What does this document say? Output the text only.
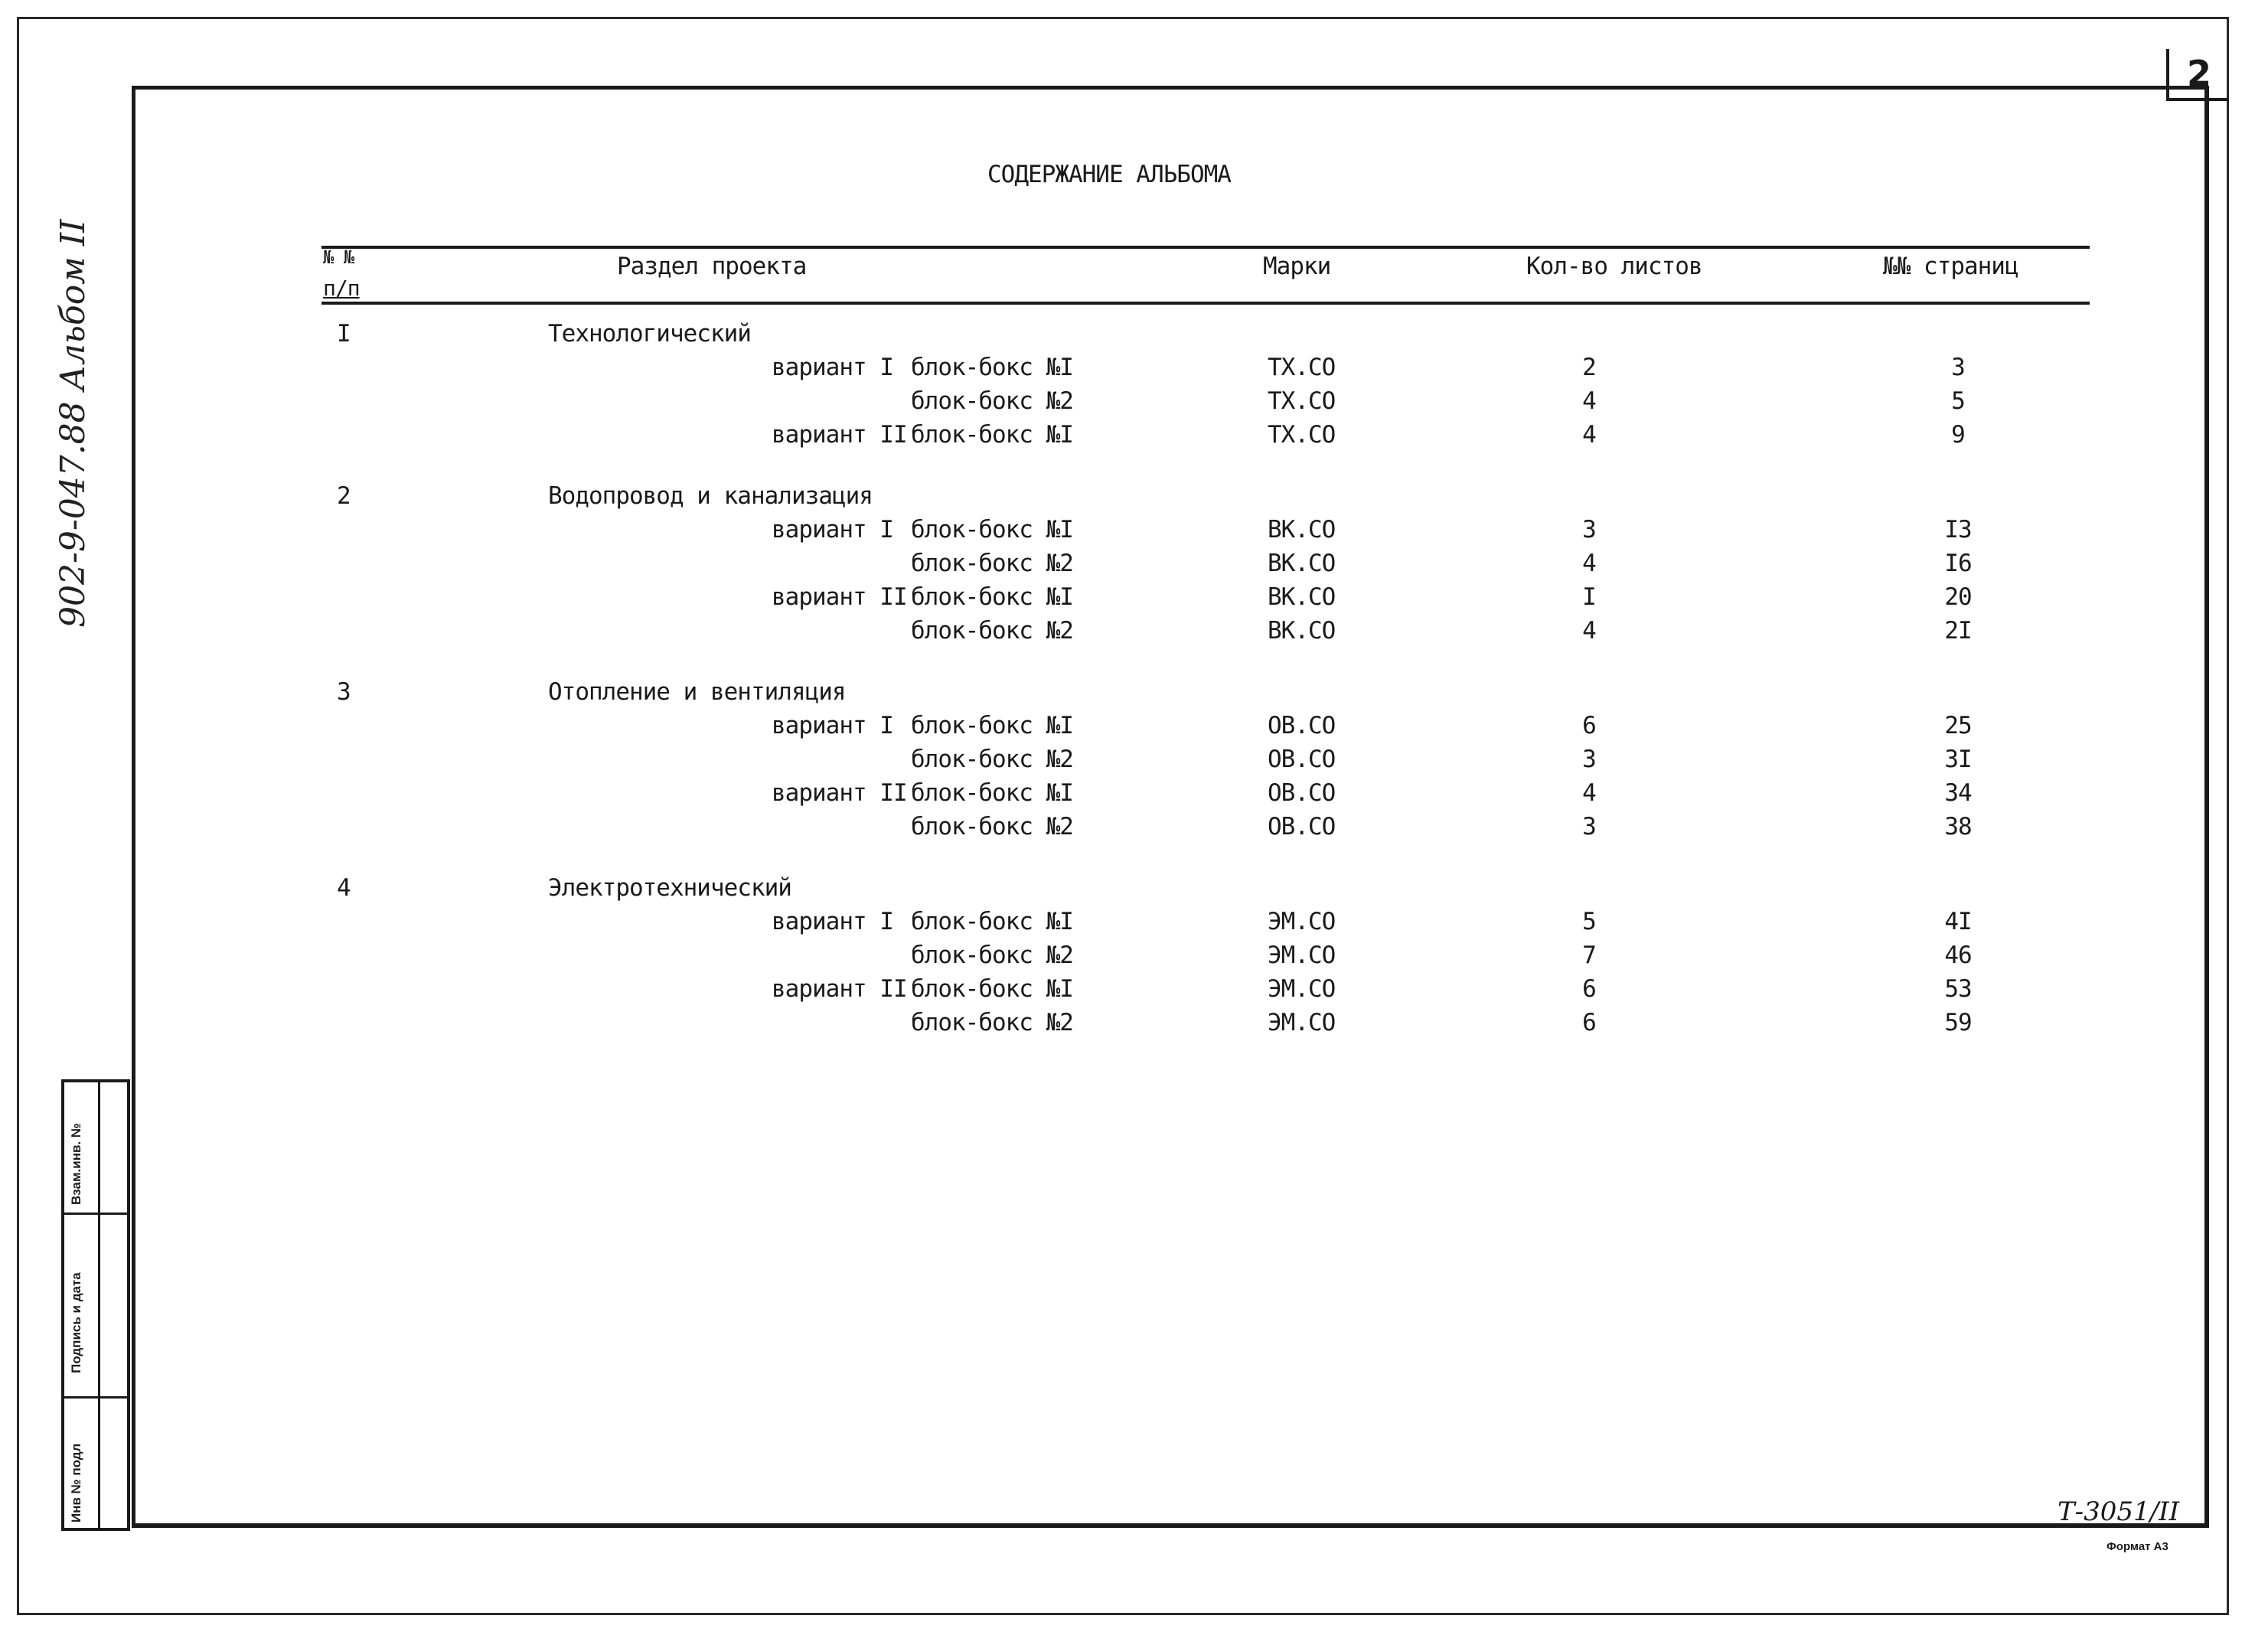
2
902-9-047.88 Альбом II
СОДЕРЖАНИЕ АЛЬБОМА
№ №
п/п
Раздел проекта	Марки	Кол-во листов	№№ страниц
I	Технологический
вариант I блок-бокс №I	ТХ.СО	2	3
блок-бокс №2	ТХ.СО	4	5
вариант II блок-бокс №I	ТХ.СО	4	9
2	Водопровод и канализация
вариант I блок-бокс №I	ВК.СО	3	I3
блок-бокс №2	ВК.СО	4	I6
вариант II блок-бокс №I	ВК.СО	I	20
блок-бокс №2	ВК.СО	4	2I
3	Отопление и вентиляция
вариант I блок-бокс №I	ОВ.СО	6	25
блок-бокс №2	ОВ.СО	3	3I
вариант II блок-бокс №I	ОВ.СО	4	34
блок-бокс №2	ОВ.СО	3	38
4	Электротехнический
вариант I блок-бокс №I	ЭМ.СО	5	4I
блок-бокс №2	ЭМ.СО	7	46
вариант II блок-бокс №I	ЭМ.СО	6	53
блок-бокс №2	ЭМ.СО	6	59
Взам.инв. №
Подпись и дата
Инв № подл	Т-3051/II
Формат А3
